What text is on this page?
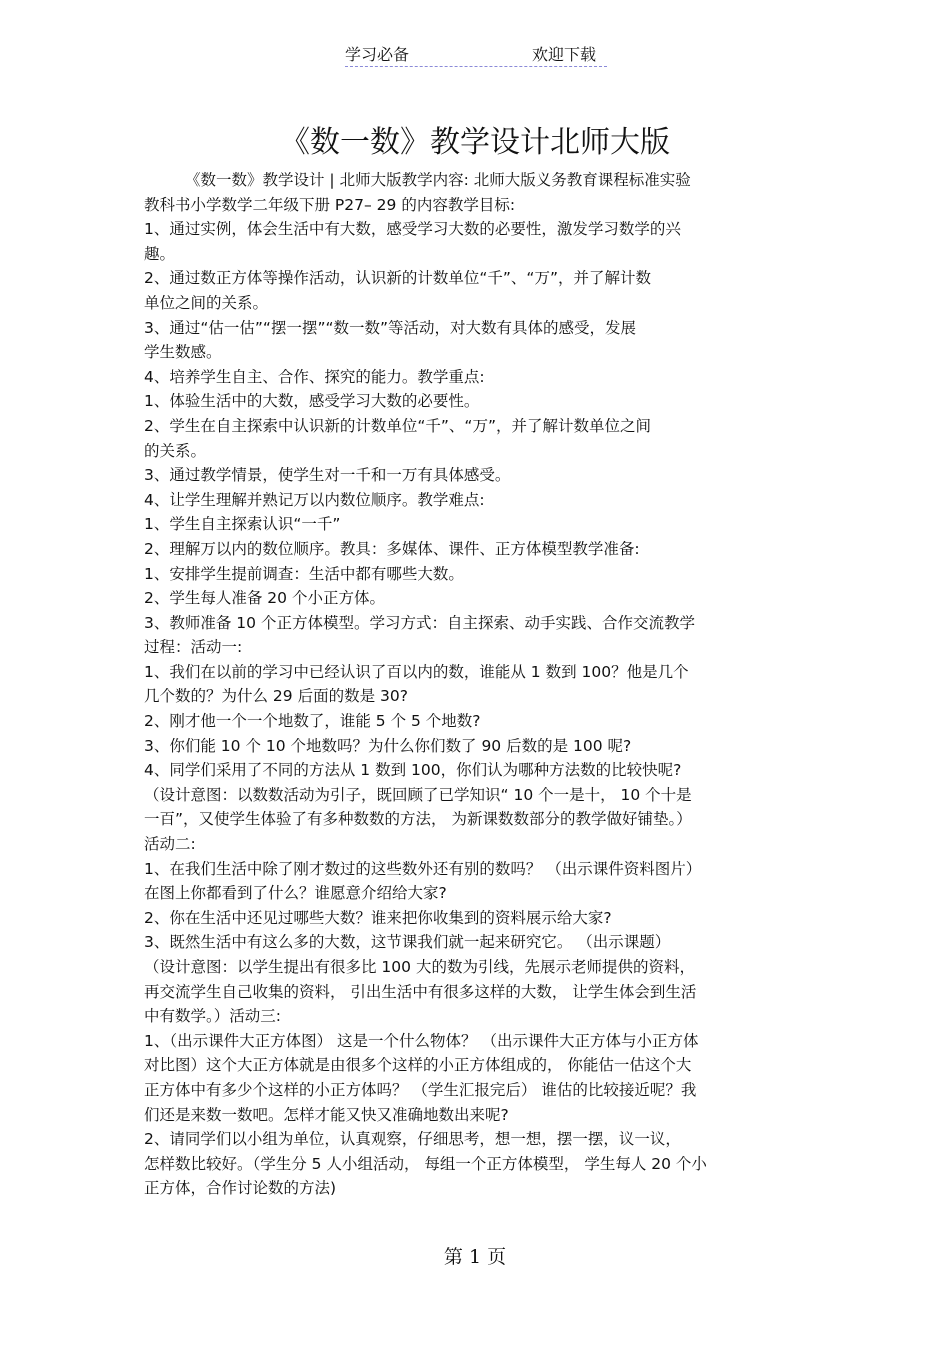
学习必备	欢迎下载
《数一数》教学设计北师大版
《数一数》教学设计 | 北师大版教学内容: 北师大版义务教育课程标准实验
教科书小学数学二年级下册 P27– 29 的内容教学目标:
1、通过实例，体会生活中有大数，感受学习大数的必要性，激发学习数学的兴
趣。
2、通过数正方体等操作活动，认识新的计数单位“千”、“万”，并了解计数
单位之间的关系。
3、通过“估一估”“摆一摆”“数一数”等活动，对大数有具体的感受，发展
学生数感。
4、培养学生自主、合作、探究的能力。教学重点:
1、体验生活中的大数，感受学习大数的必要性。
2、学生在自主探索中认识新的计数单位“千”、“万”，并了解计数单位之间
的关系。
3、通过教学情景，使学生对一千和一万有具体感受。
4、让学生理解并熟记万以内数位顺序。教学难点:
1、学生自主探索认识“一千”
2、理解万以内的数位顺序。教具：多媒体、课件、正方体模型教学准备:
1、安排学生提前调查：生活中都有哪些大数。
2、学生每人准备 20 个小正方体。
3、教师准备 10 个正方体模型。学习方式：自主探索、动手实践、合作交流教学
过程：活动一:
1、我们在以前的学习中已经认识了百以内的数，谁能从 1 数到 100？他是几个
几个数的？为什么 29 后面的数是 30?
2、刚才他一个一个地数了，谁能 5 个 5 个地数?
3、你们能 10 个 10 个地数吗？为什么你们数了 90 后数的是 100 呢?
4、同学们采用了不同的方法从 1 数到 100，你们认为哪种方法数的比较快呢?
（设计意图：以数数活动为引子，既回顾了已学知识“ 10 个一是十， 10 个十是
一百”，又使学生体验了有多种数数的方法， 为新课数数部分的教学做好铺垫。）
活动二:
1、在我们生活中除了刚才数过的这些数外还有别的数吗？ （出示课件资料图片）
在图上你都看到了什么？谁愿意介绍给大家?
2、你在生活中还见过哪些大数？谁来把你收集到的资料展示给大家?
3、既然生活中有这么多的大数，这节课我们就一起来研究它。 （出示课题）
（设计意图：以学生提出有很多比 100 大的数为引线，先展示老师提供的资料，
再交流学生自己收集的资料， 引出生活中有很多这样的大数， 让学生体会到生活
中有数学。）活动三:
1、（出示课件大正方体图） 这是一个什么物体？ （出示课件大正方体与小正方体
对比图）这个大正方体就是由很多个这样的小正方体组成的， 你能估一估这个大
正方体中有多少个这样的小正方体吗？ （学生汇报完后） 谁估的比较接近呢？我
们还是来数一数吧。怎样才能又快又准确地数出来呢?
2、请同学们以小组为单位，认真观察，仔细思考，想一想，摆一摆，议一议，
怎样数比较好。（学生分 5 人小组活动， 每组一个正方体模型， 学生每人 20 个小
正方体，合作讨论数的方法)
第 1 页
